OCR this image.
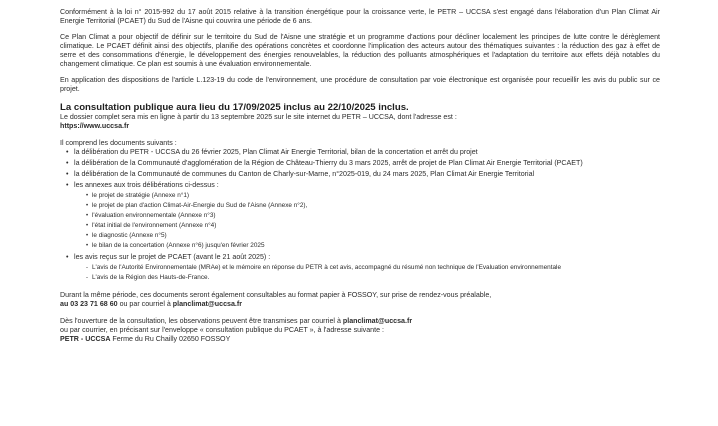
Conformément à la loi n° 2015-992 du 17 août 2015 relative à la transition énergétique pour la croissance verte, le PETR – UCCSA s'est engagé dans l'élaboration d'un Plan Climat Air Energie Territorial (PCAET) du Sud de l'Aisne qui couvrira une période de 6 ans.

Ce Plan Climat a pour objectif de définir sur le territoire du Sud de l'Aisne une stratégie et un programme d'actions pour décliner localement les principes de lutte contre le dérèglement climatique. Le PCAET définit ainsi des objectifs, planifie des opérations concrètes et coordonne l'implication des acteurs autour des thématiques suivantes : la réduction des gaz à effet de serre et des consommations d'énergie, le développement des énergies renouvelables, la réduction des polluants atmosphériques et l'adaptation du territoire aux effets déjà notables du changement climatique. Ce plan est soumis à une évaluation environnementale.

En application des dispositions de l'article L.123-19 du code de l'environnement, une procédure de consultation par voie électronique est organisée pour recueillir les avis du public sur ce projet.

La consultation publique aura lieu du 17/09/2025 inclus au 22/10/2025 inclus.

Le dossier complet sera mis en ligne à partir du 13 septembre 2025 sur le site internet du PETR – UCCSA, dont l'adresse est :
https://www.uccsa.fr

Il comprend les documents suivants :

• la délibération du PETR - UCCSA du 26 février 2025, Plan Climat Air Energie Territorial, bilan de la concertation et arrêt du projet
• la délibération de la Communauté d'agglomération de la Région de Château-Thierry du 3 mars 2025, arrêt de projet de Plan Climat Air Energie Territorial (PCAET)
• la délibération de la Communauté de communes du Canton de Charly-sur-Marne, n°2025-019, du 24 mars 2025, Plan Climat Air Energie Territorial
• les annexes aux trois délibérations ci-dessus :
• le projet de stratégie (Annexe n°1)
• le projet de plan d'action Climat-Air-Energie du Sud de l'Aisne (Annexe n°2),
• l'évaluation environnementale (Annexe n°3)
• l'état initial de l'environnement (Annexe n°4)
• le diagnostic (Annexe n°5)
• le bilan de la concertation (Annexe n°6) jusqu'en février 2025
• les avis reçus sur le projet de PCAET (avant le 21 août 2025) :
- L'avis de l'Autorité Environnementale (MRAe) et le mémoire en réponse du PETR à cet avis, accompagné du résumé non technique de l'Evaluation environnementale
- L'avis de la Région des Hauts-de-France.

Durant la même période, ces documents seront également consultables au format papier à FOSSOY, sur prise de rendez-vous préalable,
au 03 23 71 68 60 ou par courriel à planclimat@uccsa.fr

Dès l'ouverture de la consultation, les observations peuvent être transmises par courriel à planclimat@uccsa.fr
ou par courrier, en précisant sur l'enveloppe « consultation publique du PCAET », à l'adresse suivante :
PETR - UCCSA Ferme du Ru Chailly 02650 FOSSOY
